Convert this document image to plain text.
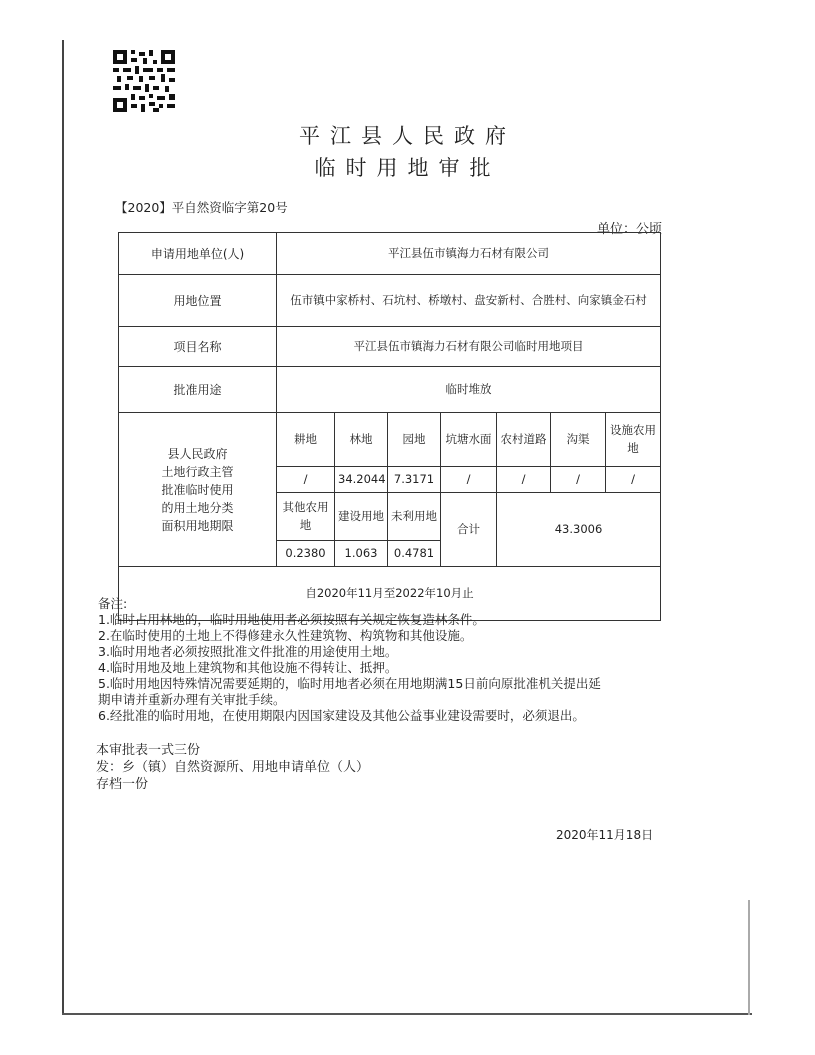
平江县人民政府
临时用地审批
【2020】平自然资临字第20号
单位：公顷
申请用地单位(人)	平江县伍市镇海力石材有限公司						
用地位置	伍市镇中家桥村、石坑村、桥墩村、盘安新村、合胜村、向家镇金石村						
项目名称	平江县伍市镇海力石材有限公司临时用地项目						
批准用途	临时堆放						

县人民政府
土地行政主管
批准临时使用
的用土地分类
面积用地期限	耕地	林地	园地	坑塘水面	农村道路	沟渠	设施农用地
	/	34.2044	7.3171	/	/	/	/
	其他农用地	建设用地	未利用地	合计	43.3006		
	0.2380	1.063	0.4781				
自2020年11月至2022年10月止							
备注:
1.临时占用林地的，临时用地使用者必须按照有关规定恢复造林条件。
2.在临时使用的土地上不得修建永久性建筑物、构筑物和其他设施。
3.临时用地者必须按照批准文件批准的用途使用土地。
4.临时用地及地上建筑物和其他设施不得转让、抵押。
5.临时用地因特殊情况需要延期的，临时用地者必须在用地期满15日前向原批准机关提出延
期申请并重新办理有关审批手续。
6.经批准的临时用地，在使用期限内因国家建设及其他公益事业建设需要时，必须退出。
本审批表一式三份
发：乡（镇）自然资源所、用地申请单位（人）
存档一份
2020年11月18日
